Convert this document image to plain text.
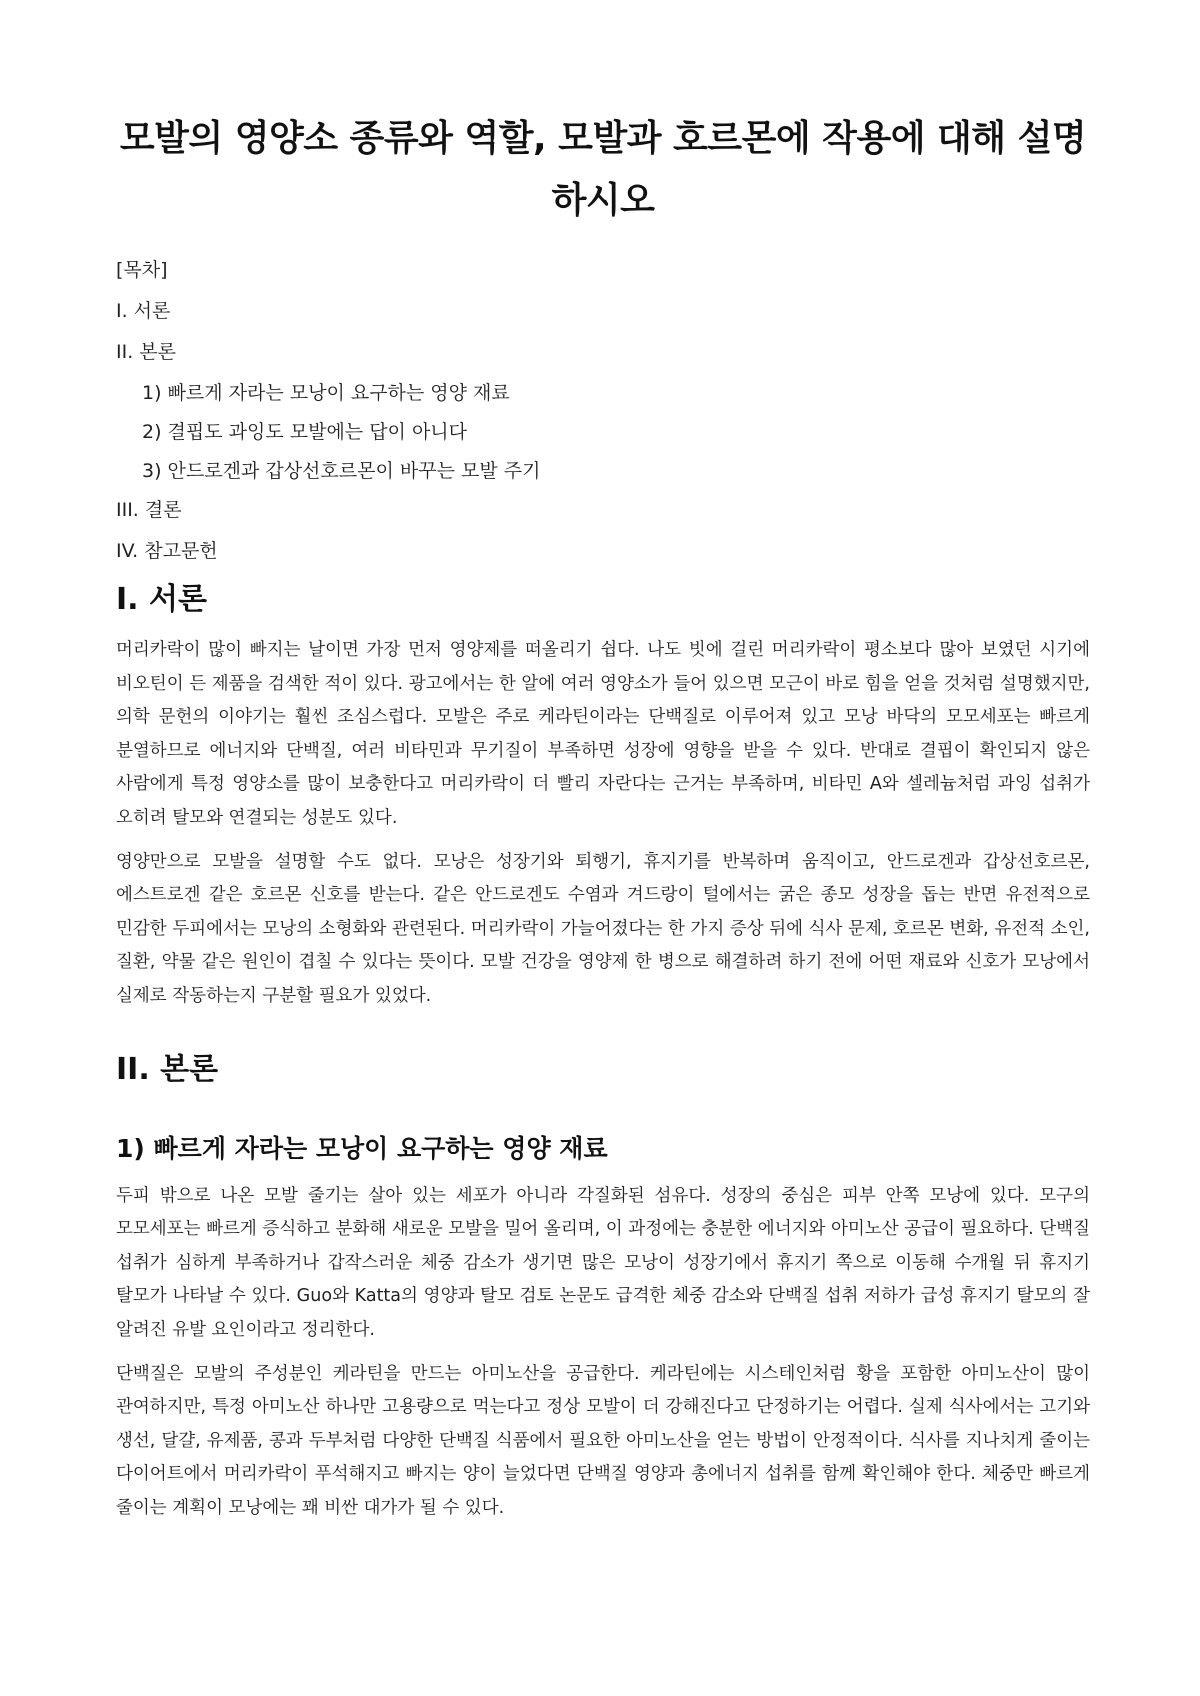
모발의 영양소 종류와 역할, 모발과 호르몬에 작용에 대해 설명하시오
[목차]
I. 서론
II. 본론
1) 빠르게 자라는 모낭이 요구하는 영양 재료
2) 결핍도 과잉도 모발에는 답이 아니다
3) 안드로겐과 갑상선호르몬이 바꾸는 모발 주기
III. 결론
IV. 참고문헌
I. 서론

머리카락이 많이 빠지는 날이면 가장 먼저 영양제를 떠올리기 쉽다. 나도 빗에 걸린 머리카락이 평소보다 많아 보였던 시기에 비오틴이 든 제품을 검색한 적이 있다. 광고에서는 한 알에 여러 영양소가 들어 있으면 모근이 바로 힘을 얻을 것처럼 설명했지만, 의학 문헌의 이야기는 훨씬 조심스럽다. 모발은 주로 케라틴이라는 단백질로 이루어져 있고 모낭 바닥의 모모세포는 빠르게 분열하므로 에너지와 단백질, 여러 비타민과 무기질이 부족하면 성장에 영향을 받을 수 있다. 반대로 결핍이 확인되지 않은 사람에게 특정 영양소를 많이 보충한다고 머리카락이 더 빨리 자란다는 근거는 부족하며, 비타민 A와 셀레늄처럼 과잉 섭취가 오히려 탈모와 연결되는 성분도 있다.

영양만으로 모발을 설명할 수도 없다. 모낭은 성장기와 퇴행기, 휴지기를 반복하며 움직이고, 안드로겐과 갑상선호르몬, 에스트로겐 같은 호르몬 신호를 받는다. 같은 안드로겐도 수염과 겨드랑이 털에서는 굵은 종모 성장을 돕는 반면 유전적으로 민감한 두피에서는 모낭의 소형화와 관련된다. 머리카락이 가늘어졌다는 한 가지 증상 뒤에 식사 문제, 호르몬 변화, 유전적 소인, 질환, 약물 같은 원인이 겹칠 수 있다는 뜻이다. 모발 건강을 영양제 한 병으로 해결하려 하기 전에 어떤 재료와 신호가 모낭에서 실제로 작동하는지 구분할 필요가 있었다.

II. 본론
1) 빠르게 자라는 모낭이 요구하는 영양 재료

두피 밖으로 나온 모발 줄기는 살아 있는 세포가 아니라 각질화된 섬유다. 성장의 중심은 피부 안쪽 모낭에 있다. 모구의 모모세포는 빠르게 증식하고 분화해 새로운 모발을 밀어 올리며, 이 과정에는 충분한 에너지와 아미노산 공급이 필요하다. 단백질 섭취가 심하게 부족하거나 갑작스러운 체중 감소가 생기면 많은 모낭이 성장기에서 휴지기 쪽으로 이동해 수개월 뒤 휴지기 탈모가 나타날 수 있다. Guo와 Katta의 영양과 탈모 검토 논문도 급격한 체중 감소와 단백질 섭취 저하가 급성 휴지기 탈모의 잘 알려진 유발 요인이라고 정리한다.

단백질은 모발의 주성분인 케라틴을 만드는 아미노산을 공급한다. 케라틴에는 시스테인처럼 황을 포함한 아미노산이 많이 관여하지만, 특정 아미노산 하나만 고용량으로 먹는다고 정상 모발이 더 강해진다고 단정하기는 어렵다. 실제 식사에서는 고기와 생선, 달걀, 유제품, 콩과 두부처럼 다양한 단백질 식품에서 필요한 아미노산을 얻는 방법이 안정적이다. 식사를 지나치게 줄이는 다이어트에서 머리카락이 푸석해지고 빠지는 양이 늘었다면 단백질 영양과 총에너지 섭취를 함께 확인해야 한다. 체중만 빠르게 줄이는 계획이 모낭에는 꽤 비싼 대가가 될 수 있다.
